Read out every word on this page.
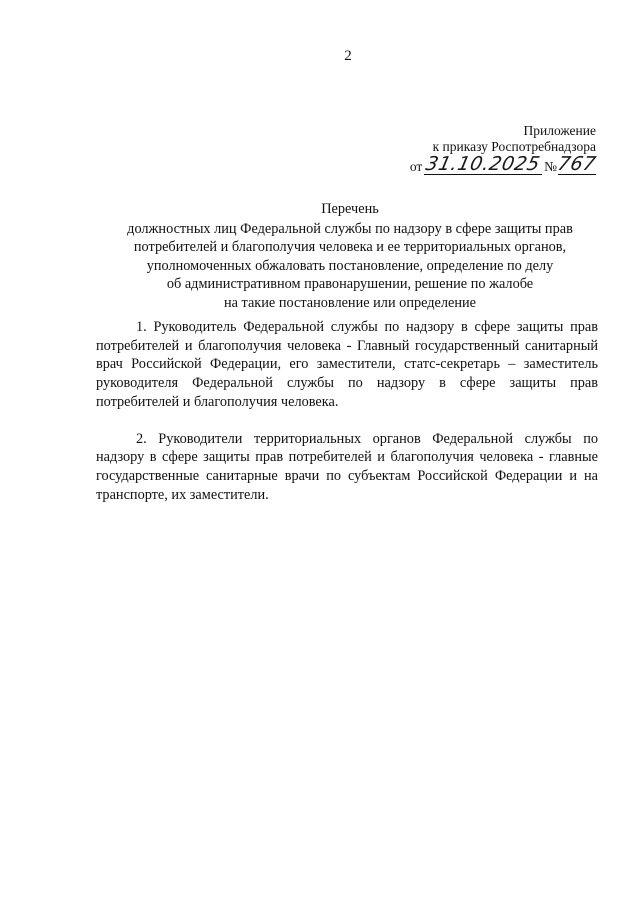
2
Приложение
к приказу Роспотребнадзора
от 31.10.2025 №
767
Перечень
должностных лиц Федеральной службы по надзору в сфере защиты прав
потребителей и благополучия человека и ее территориальных органов,
уполномоченных обжаловать постановление, определение по делу
об административном правонарушении, решение по жалобе
на такие постановление или определение

1. Руководитель Федеральной службы по надзору в сфере защиты прав потребителей и благополучия человека - Главный государственный санитарный врач Российской Федерации, его заместители, статс-секретарь – заместитель руководителя Федеральной службы по надзору в сфере защиты прав потребителей и благополучия человека.

2. Руководители территориальных органов Федеральной службы по надзору в сфере защиты прав потребителей и благополучия человека - главные государственные санитарные врачи по субъектам Российской Федерации и на транспорте, их заместители.
